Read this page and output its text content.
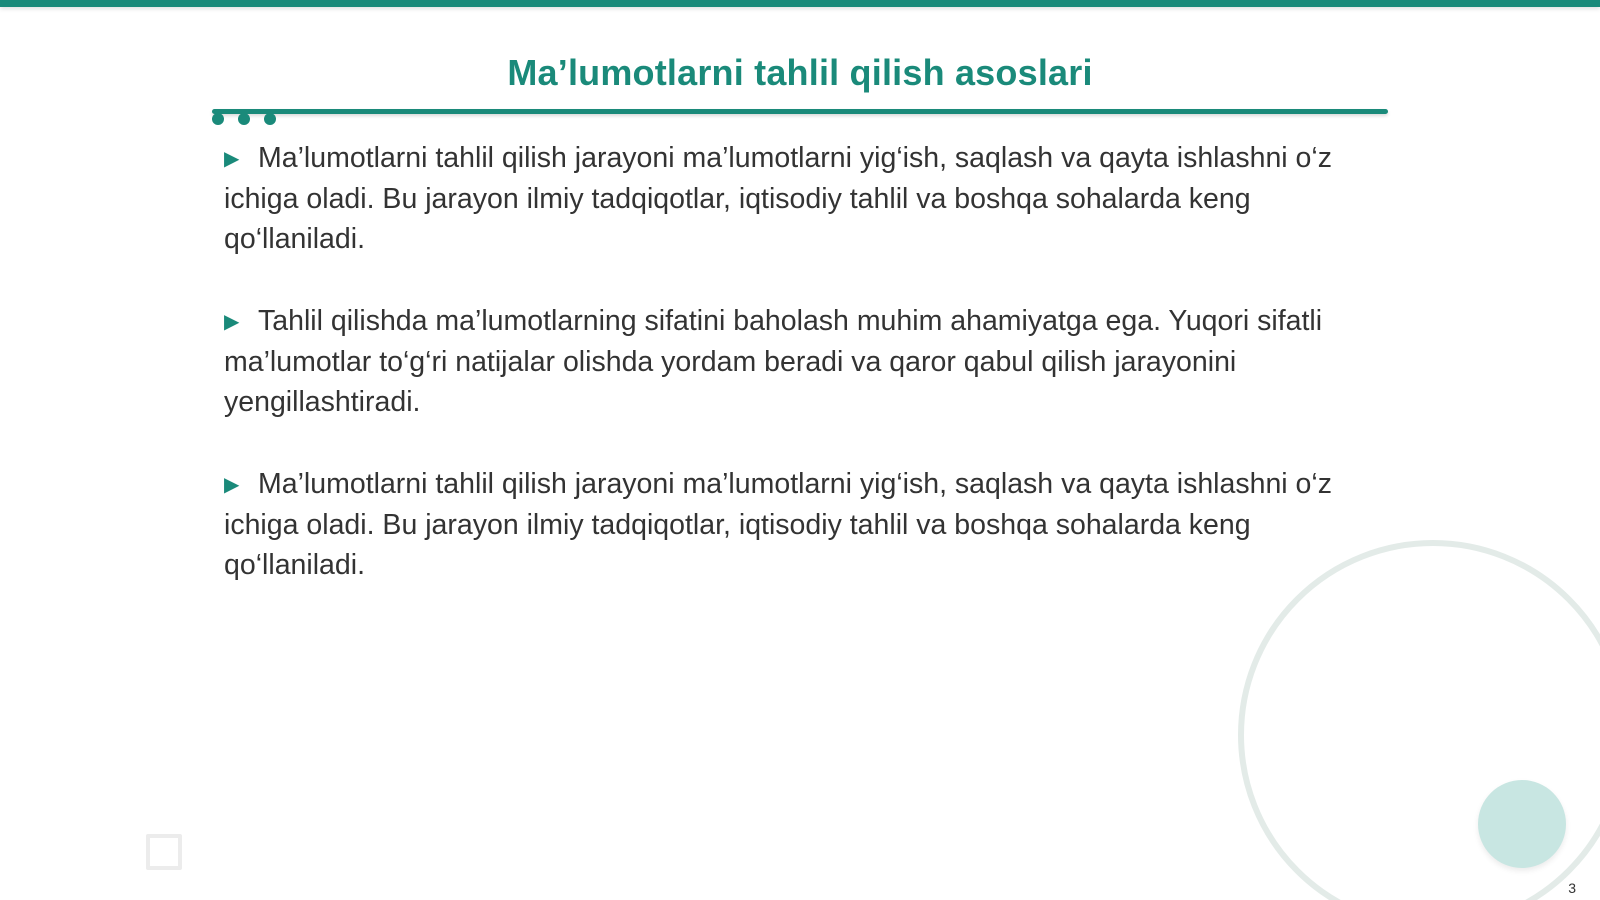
Ma’lumotlarni tahlil qilish asoslari

▶ Ma’lumotlarni tahlil qilish jarayoni ma’lumotlarni yig‘ish, saqlash va qayta ishlashni o‘z ichiga oladi. Bu jarayon ilmiy tadqiqotlar, iqtisodiy tahlil va boshqa sohalarda keng qo‘llaniladi.

▶ Tahlil qilishda ma’lumotlarning sifatini baholash muhim ahamiyatga ega. Yuqori sifatli ma’lumotlar to‘g‘ri natijalar olishda yordam beradi va qaror qabul qilish jarayonini yengillashtiradi.

▶ Ma’lumotlarni tahlil qilish jarayoni ma’lumotlarni yig‘ish, saqlash va qayta ishlashni o‘z ichiga oladi. Bu jarayon ilmiy tadqiqotlar, iqtisodiy tahlil va boshqa sohalarda keng qo‘llaniladi.

3
